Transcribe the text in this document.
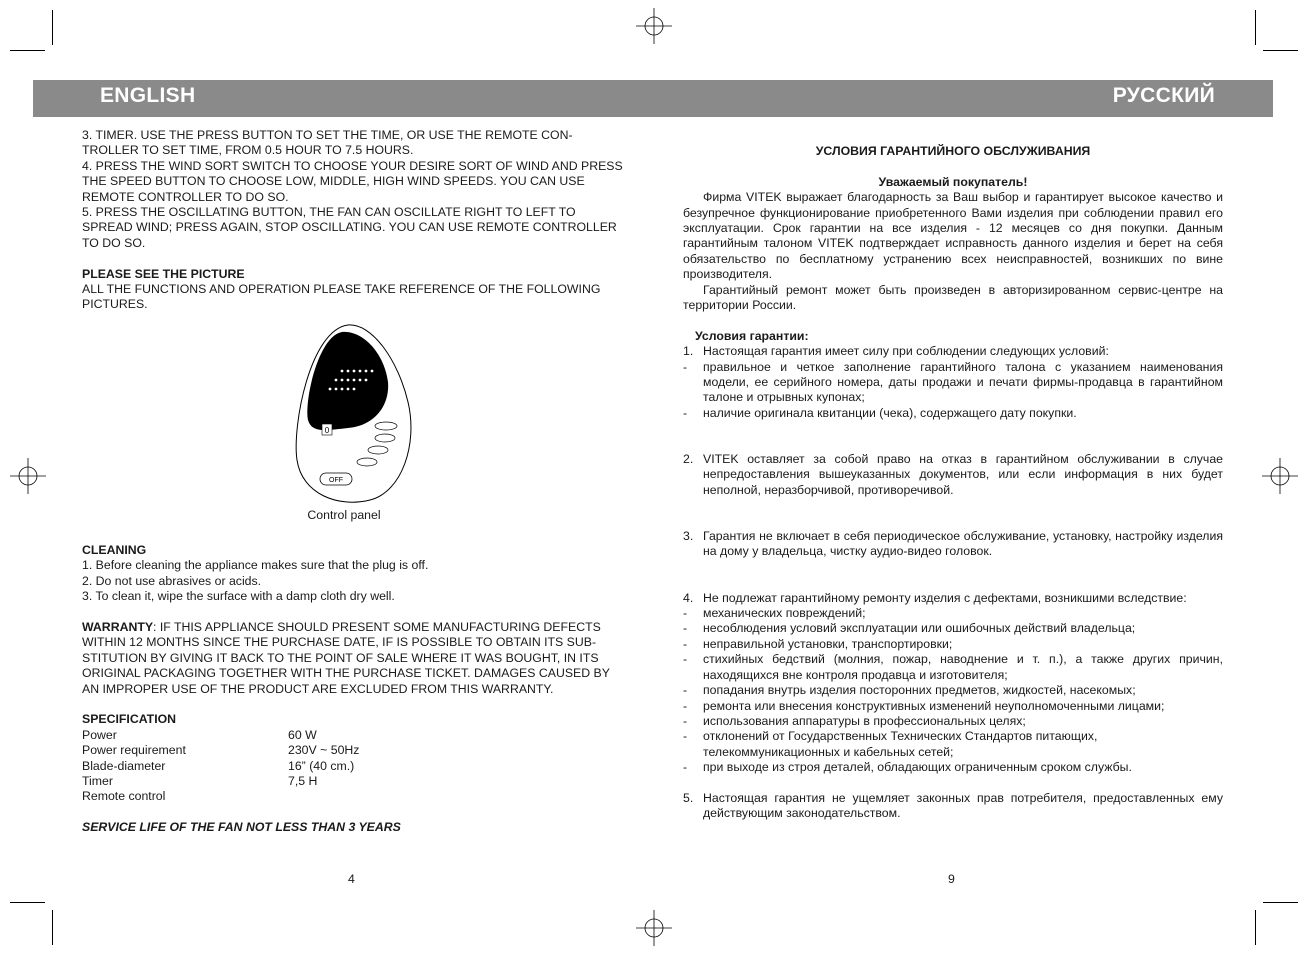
ENGLISH	РУССКИЙ

3. TIMER. USE THE PRESS BUTTON TO SET THE TIME, OR USE THE REMOTE CON-TROLLER TO SET TIME, FROM 0.5 HOUR TO 7.5 HOURS.

4. PRESS THE WIND SORT SWITCH TO CHOOSE YOUR DESIRE SORT OF WIND AND PRESS THE SPEED BUTTON TO CHOOSE LOW, MIDDLE, HIGH WIND SPEEDS. YOU CAN USE REMOTE CONTROLLER TO DO SO.

5. PRESS THE OSCILLATING BUTTON, THE FAN CAN OSCILLATE RIGHT TO LEFT TO SPREAD WIND; PRESS AGAIN, STOP OSCILLATING. YOU CAN USE REMOTE CONTROLLER TO DO SO.

PLEASE SEE THE PICTURE

ALL THE FUNCTIONS AND OPERATION PLEASE TAKE REFERENCE OF THE FOLLOWING PICTURES.

CLEANING

1. Before cleaning the appliance makes sure that the plug is off.

2. Do not use abrasives or acids.

3. To clean it, wipe the surface with a damp cloth dry well.

WARRANTY: IF THIS APPLIANCE SHOULD PRESENT SOME MANUFACTURING DEFECTS WITHIN 12 MONTHS SINCE THE PURCHASE DATE, IF IS POSSIBLE TO OBTAIN ITS SUB-STITUTION BY GIVING IT BACK TO THE POINT OF SALE WHERE IT WAS BOUGHT, IN ITS ORIGINAL PACKAGING TOGETHER WITH THE PURCHASE TICKET. DAMAGES CAUSED BY AN IMPROPER USE OF THE PRODUCT ARE EXCLUDED FROM THIS WARRANTY.

SPECIFICATION

Power	60 W
Power requirement	230V ~ 50Hz
Blade-diameter	16” (40 cm.)
Timer	7,5 H
Remote control

SERVICE LIFE OF THE FAN NOT LESS THAN 3 YEARS

0
OFF
Control panel

УСЛОВИЯ ГАРАНТИЙНОГО ОБСЛУЖИВАНИЯ

Уважаемый покупатель!

Фирма VITEK выражает благодарность за Ваш выбор и гарантирует высокое качество и безупречное функционирование приобретенного Вами изделия при соблюдении правил его эксплуатации. Срок гарантии на все изделия - 12 месяцев со дня покупки. Данным гарантийным талоном VITEK подтверждает исправность данного изделия и берет на себя обязательство по бесплатному устранению всех неисправностей, возникших по вине производителя.

Гарантийный ремонт может быть произведен в авторизированном сервис-центре на территории России.

Условия гарантии:

1. Настоящая гарантия имеет силу при соблюдении следующих условий:
-	правильное и четкое заполнение гарантийного талона с указанием наименования модели, ее серийного номера, даты продажи и печати фирмы-продавца в гарантийном талоне и отрывных купонах;
-	наличие оригинала квитанции (чека), содержащего дату покупки.
2. VITEK оставляет за собой право на отказ в гарантийном обслуживании в случае непредоставления вышеуказанных документов, или если информация в них будет неполной, неразборчивой, противоречивой.
3. Гарантия не включает в себя периодическое обслуживание, установку, настройку изделия на дому у владельца, чистку аудио-видео головок.
4. Не подлежат гарантийному ремонту изделия с дефектами, возникшими вследствие:
-	механических повреждений;
-	несоблюдения условий эксплуатации или ошибочных действий владельца;
-	неправильной установки, транспортировки;
-	стихийных бедствий (молния, пожар, наводнение и т. п.), а также других причин, находящихся вне контроля продавца и изготовителя;
-	попадания внутрь изделия посторонних предметов, жидкостей, насекомых;
-	ремонта или внесения конструктивных изменений неуполномоченными лицами;
-	использования аппаратуры в профессиональных целях;
-	отклонений от Государственных Технических Стандартов питающих, телекоммуникационных и кабельных сетей;
-	при выходе из строя деталей, обладающих ограниченным сроком службы.
5. Настоящая гарантия не ущемляет законных прав потребителя, предоставленных ему действующим законодательством.
4	9
